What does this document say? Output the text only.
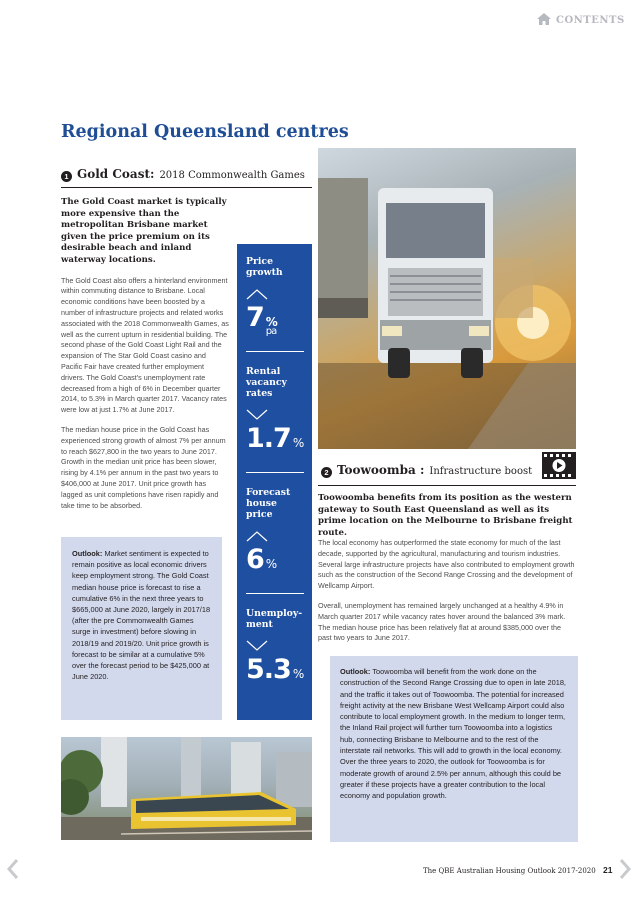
CONTENTS
Regional Queensland centres
1 Gold Coast: 2018 Commonwealth Games

The Gold Coast market is typically more expensive than the metropolitan Brisbane market given the price premium on its desirable beach and inland waterway locations.

The Gold Coast also offers a hinterland environment within commuting distance to Brisbane. Local economic conditions have been boosted by a number of infrastructure projects and related works associated with the 2018 Commonwealth Games, as well as the current upturn in residential building. The second phase of the Gold Coast Light Rail and the expansion of The Star Gold Coast casino and Pacific Fair have created further employment drivers. The Gold Coast's unemployment rate decreased from a high of 6% in December quarter 2014, to 5.3% in March quarter 2017. Vacancy rates were low at just 1.7% at June 2017.

The median house price in the Gold Coast has experienced strong growth of almost 7% per annum to reach $627,800 in the two years to June 2017. Growth in the median unit price has been slower, rising by 4.1% per annum in the past two years to $406,000 at June 2017. Unit price growth has lagged as unit completions have risen rapidly and take time to be absorbed.

Outlook: Market sentiment is expected to remain positive as local economic drivers keep employment strong. The Gold Coast median house price is forecast to rise a cumulative 6% in the next three years to $665,000 at June 2020, largely in 2017/18 (after the pre Commonwealth Games surge in investment) before slowing in 2018/19 and 2019/20. Unit price growth is forecast to be similar at a cumulative 5% over the forecast period to be $425,000 at June 2020.
Price growth
7 %
pa
Rental vacancy rates
1.7 %
Forecast house price
6 %
Unemploy-ment
5.3 %
2 Toowoomba : Infrastructure boost

Toowoomba benefits from its position as the western gateway to South East Queensland as well as its prime location on the Melbourne to Brisbane freight route.

The local economy has outperformed the state economy for much of the last decade, supported by the agricultural, manufacturing and tourism industries. Several large infrastructure projects have also contributed to employment growth such as the construction of the Second Range Crossing and the development of Wellcamp Airport.

Overall, unemployment has remained largely unchanged at a healthy 4.9% in March quarter 2017 while vacancy rates hover around the balanced 3% mark. The median house price has been relatively flat at around $385,000 over the past two years to June 2017.

Outlook: Toowoomba will benefit from the work done on the construction of the Second Range Crossing due to open in late 2018, and the traffic it takes out of Toowoomba. The potential for increased freight activity at the new Brisbane West Wellcamp Airport could also contribute to local employment growth. In the medium to longer term, the Inland Rail project will further turn Toowoomba into a logistics hub, connecting Brisbane to Melbourne and to the rest of the interstate rail networks. This will add to growth in the local economy. Over the three years to 2020, the outlook for Toowoomba is for moderate growth of around 2.5% per annum, although this could be greater if these projects have a greater contribution to the local economy and population growth.
The QBE Australian Housing Outlook 2017-2020 21
